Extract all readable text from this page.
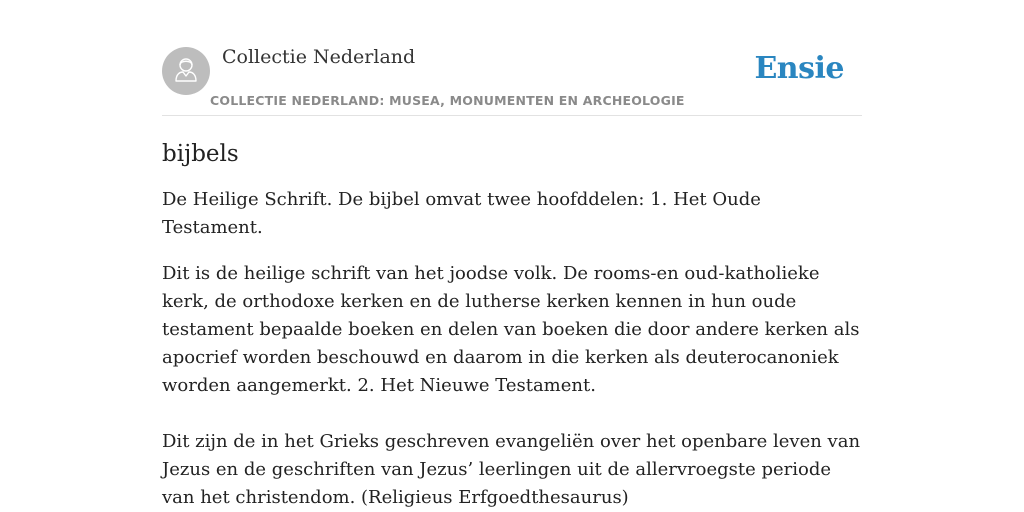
Collectie Nederland
COLLECTIE NEDERLAND: MUSEA, MONUMENTEN EN ARCHEOLOGIE
Ensie
bijbels

De Heilige Schrift. De bijbel omvat twee hoofddelen: 1. Het Oude Testament.

Dit is de heilige schrift van het joodse volk. De rooms-en oud-katholieke kerk, de orthodoxe kerken en de lutherse kerken kennen in hun oude testament bepaalde boeken en delen van boeken die door andere kerken als apocrief worden beschouwd en daarom in die kerken als deuterocanoniek worden aangemerkt. 2. Het Nieuwe Testament.

Dit zijn de in het Grieks geschreven evangeliën over het openbare leven van Jezus en de geschriften van Jezus’ leerlingen uit de allervroegste periode van het christendom. (Religieus Erfgoedthesaurus)
